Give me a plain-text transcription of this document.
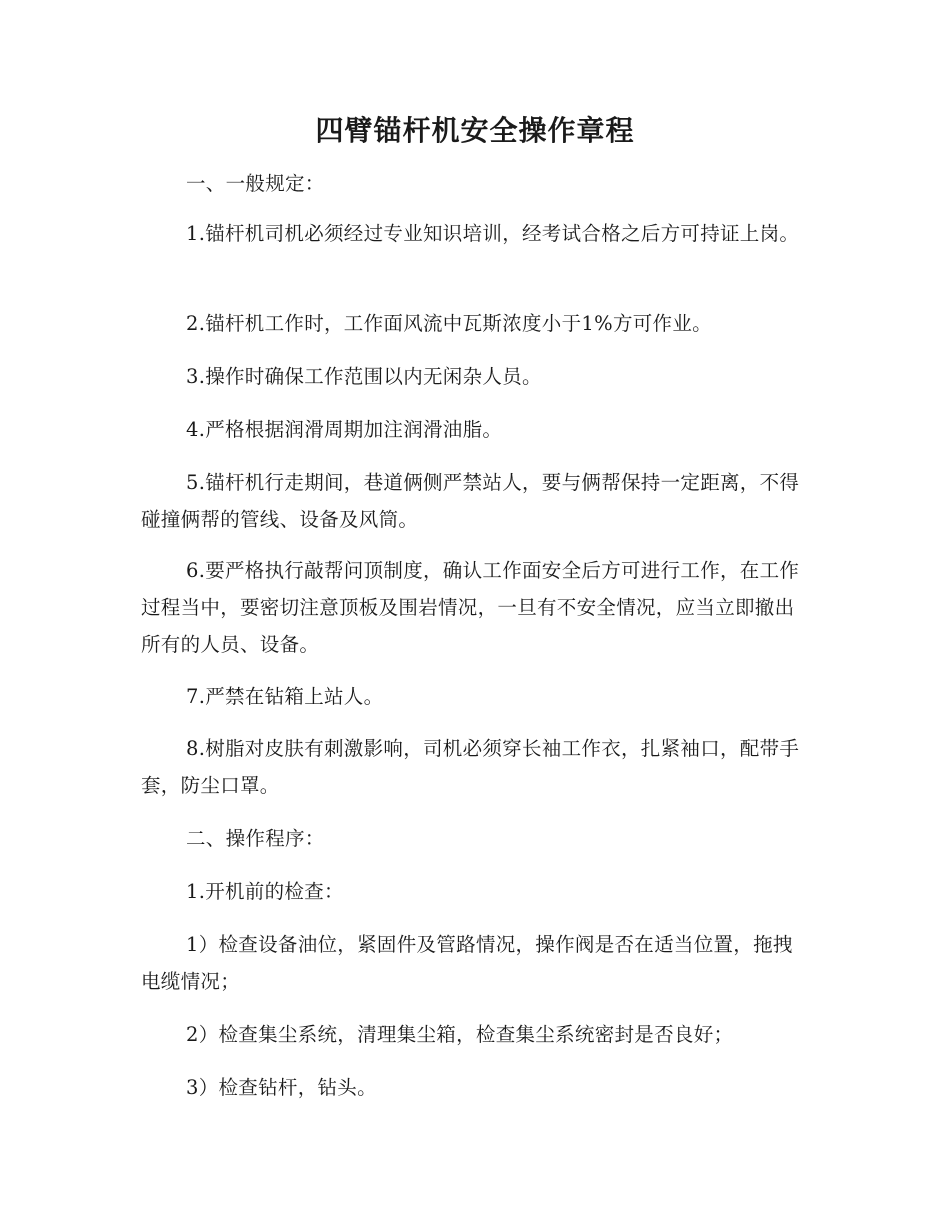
四臂锚杆机安全操作章程
一、一般规定：
1.锚杆机司机必须经过专业知识培训，经考试合格之后方可持证上岗。
2.锚杆机工作时，工作面风流中瓦斯浓度小于1%方可作业。
3.操作时确保工作范围以内无闲杂人员。
4.严格根据润滑周期加注润滑油脂。
5.锚杆机行走期间，巷道俩侧严禁站人，要与俩帮保持一定距离，不得碰撞俩帮的管线、设备及风筒。
6.要严格执行敲帮问顶制度，确认工作面安全后方可进行工作，在工作过程当中，要密切注意顶板及围岩情况，一旦有不安全情况，应当立即撤出所有的人员、设备。
7.严禁在钻箱上站人。
8.树脂对皮肤有刺激影响，司机必须穿长袖工作衣，扎紧袖口，配带手套，防尘口罩。
二、操作程序：
1.开机前的检查：
1）检查设备油位，紧固件及管路情况，操作阀是否在适当位置，拖拽电缆情况；
2）检查集尘系统，清理集尘箱，检查集尘系统密封是否良好；
3）检查钻杆，钻头。
